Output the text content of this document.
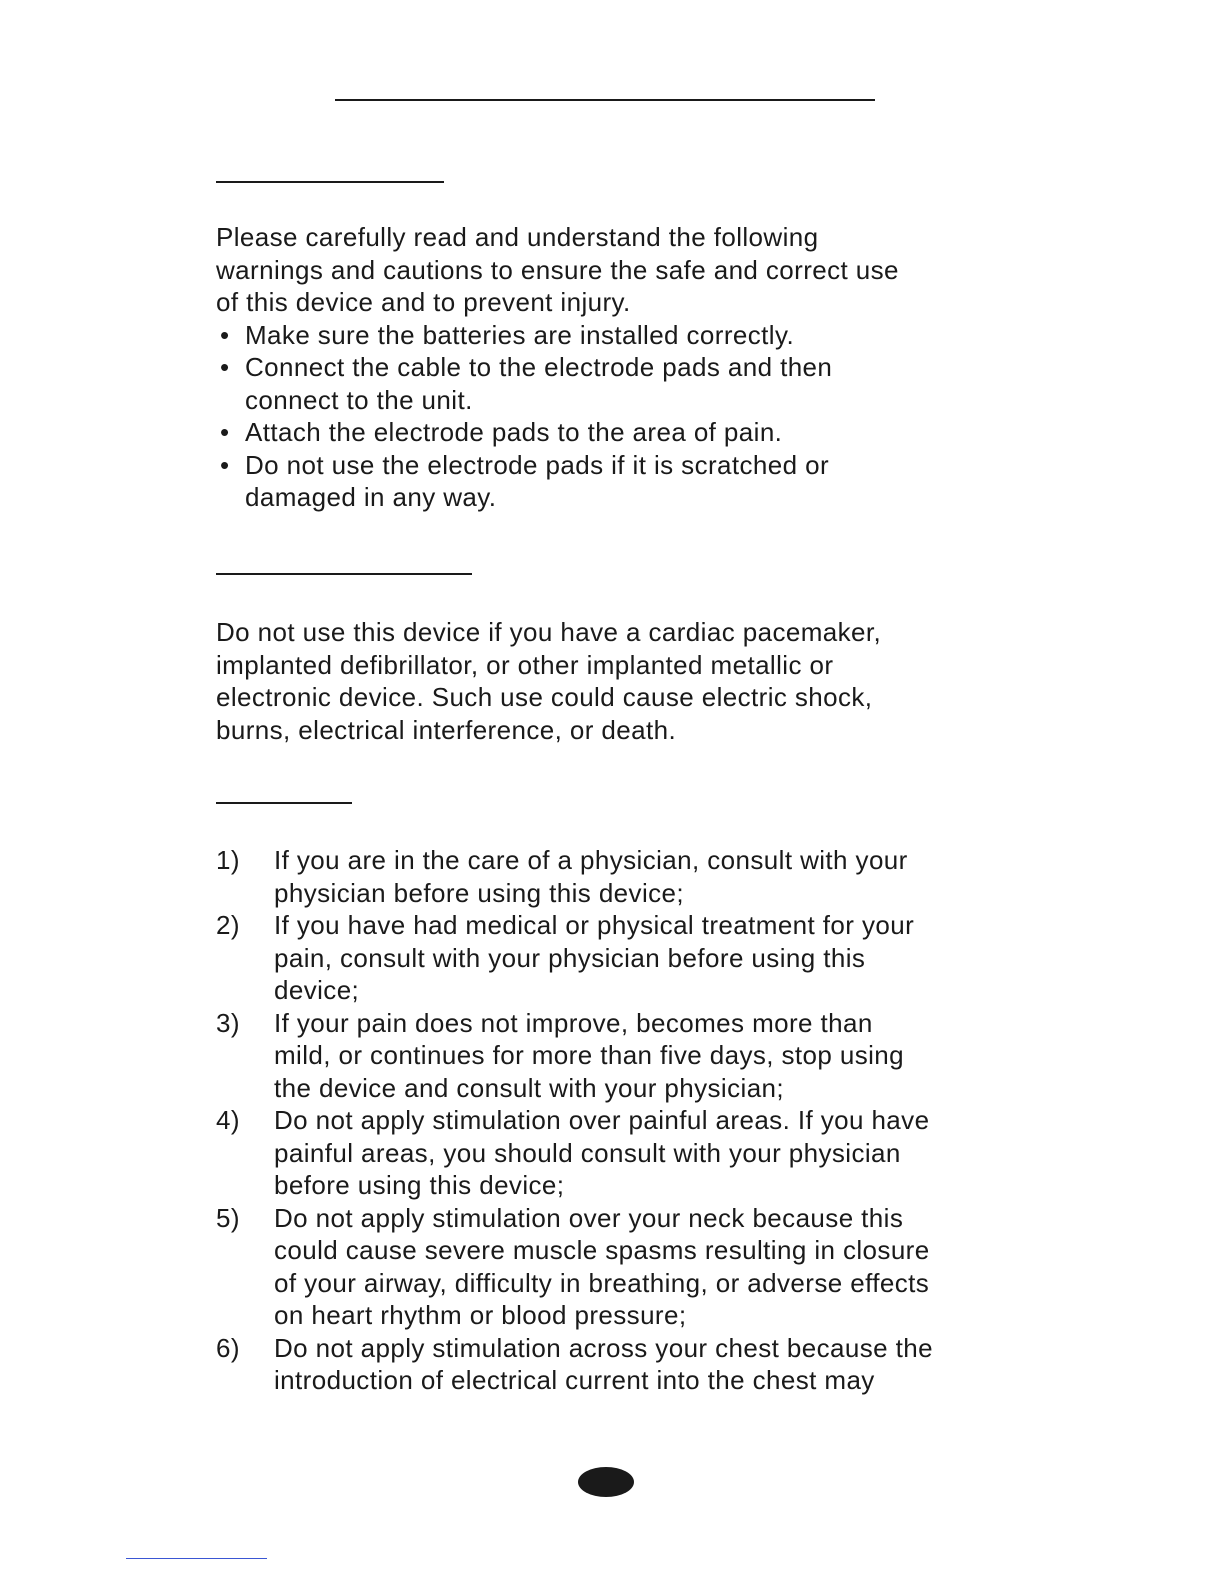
Please carefully read and understand the following
warnings and cautions to ensure the safe and correct use
of this device and to prevent injury.
• Make sure the batteries are installed correctly.
• Connect the cable to the electrode pads and then
connect to the unit.
• Attach the electrode pads to the area of pain.
• Do not use the electrode pads if it is scratched or
damaged in any way.
Do not use this device if you have a cardiac pacemaker,
implanted defibrillator, or other implanted metallic or
electronic device. Such use could cause electric shock,
burns, electrical interference, or death.
1) If you are in the care of a physician, consult with your
physician before using this device;
2) If you have had medical or physical treatment for your
pain, consult with your physician before using this
device;
3) If your pain does not improve, becomes more than
mild, or continues for more than five days, stop using
the device and consult with your physician;
4) Do not apply stimulation over painful areas. If you have
painful areas, you should consult with your physician
before using this device;
5) Do not apply stimulation over your neck because this
could cause severe muscle spasms resulting in closure
of your airway, difficulty in breathing, or adverse effects
on heart rhythm or blood pressure;
6) Do not apply stimulation across your chest because the
introduction of electrical current into the chest may
